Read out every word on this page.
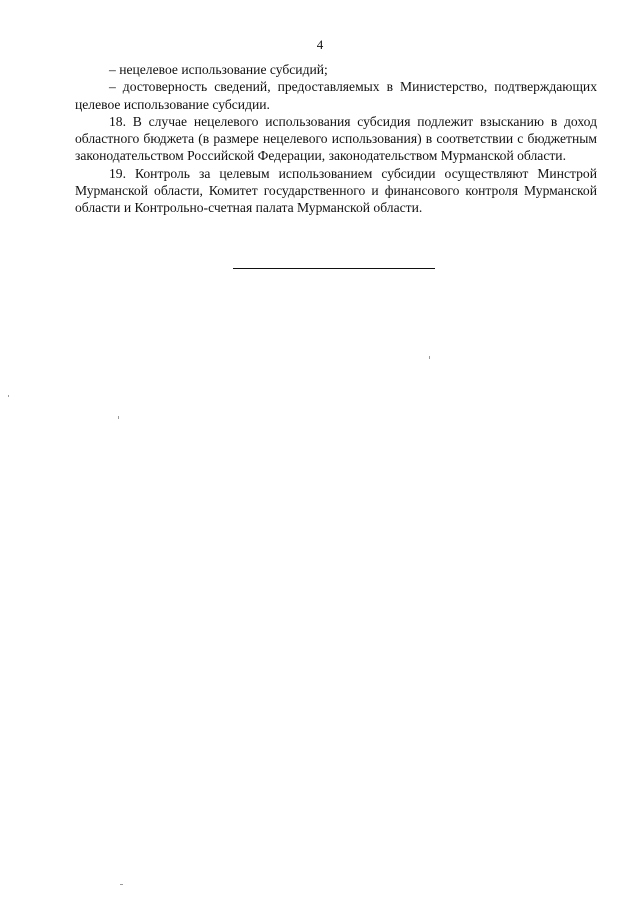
4

– нецелевое использование субсидий;

– достоверность сведений, предоставляемых в Министерство, подтверждающих целевое использование субсидии.

18. В случае нецелевого использования субсидия подлежит взысканию в доход областного бюджета (в размере нецелевого использования) в соответствии с бюджетным законодательством Российской Федерации, законодательством Мурманской области.

19. Контроль за целевым использованием субсидии осуществляют Минстрой Мурманской области, Комитет государственного и финансового контроля Мурманской области и Контрольно-счетная палата Мурманской области.
